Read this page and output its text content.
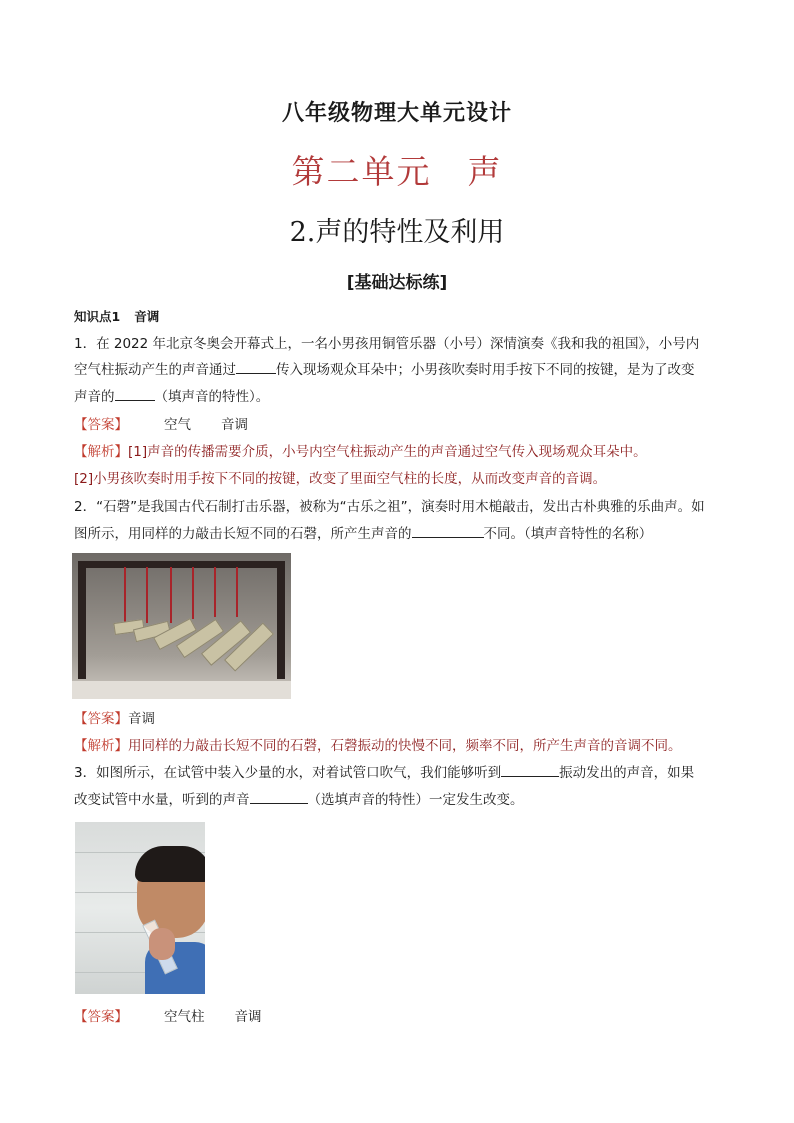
八年级物理大单元设计
第二单元 声
2.声的特性及利用
[基础达标练]
知识点1 音调
1．在 2022 年北京冬奥会开幕式上，一名小男孩用铜管乐器（小号）深情演奏《我和我的祖国》，小号内
空气柱振动产生的声音通过	传入现场观众耳朵中；小男孩吹奏时用手按下不同的按键，是为了改变
声音的	（填声音的特性）。
【答案】	空气 音调
【解析】[1]声音的传播需要介质，小号内空气柱振动产生的声音通过空气传入现场观众耳朵中。
[2]小男孩吹奏时用手按下不同的按键，改变了里面空气柱的长度，从而改变声音的音调。
2．“石磬”是我国古代石制打击乐器，被称为“古乐之祖”，演奏时用木槌敲击，发出古朴典雅的乐曲声。如
图所示，用同样的力敲击长短不同的石磬，所产生声音的	不同。（填声音特性的名称）
【答案】音调
【解析】用同样的力敲击长短不同的石磬，石磬振动的快慢不同，频率不同，所产生声音的音调不同。
3．如图所示，在试管中装入少量的水，对着试管口吹气，我们能够听到	振动发出的声音，如果
改变试管中水量，听到的声音	（选填声音的特性）一定发生改变。
【答案】	空气柱 音调
